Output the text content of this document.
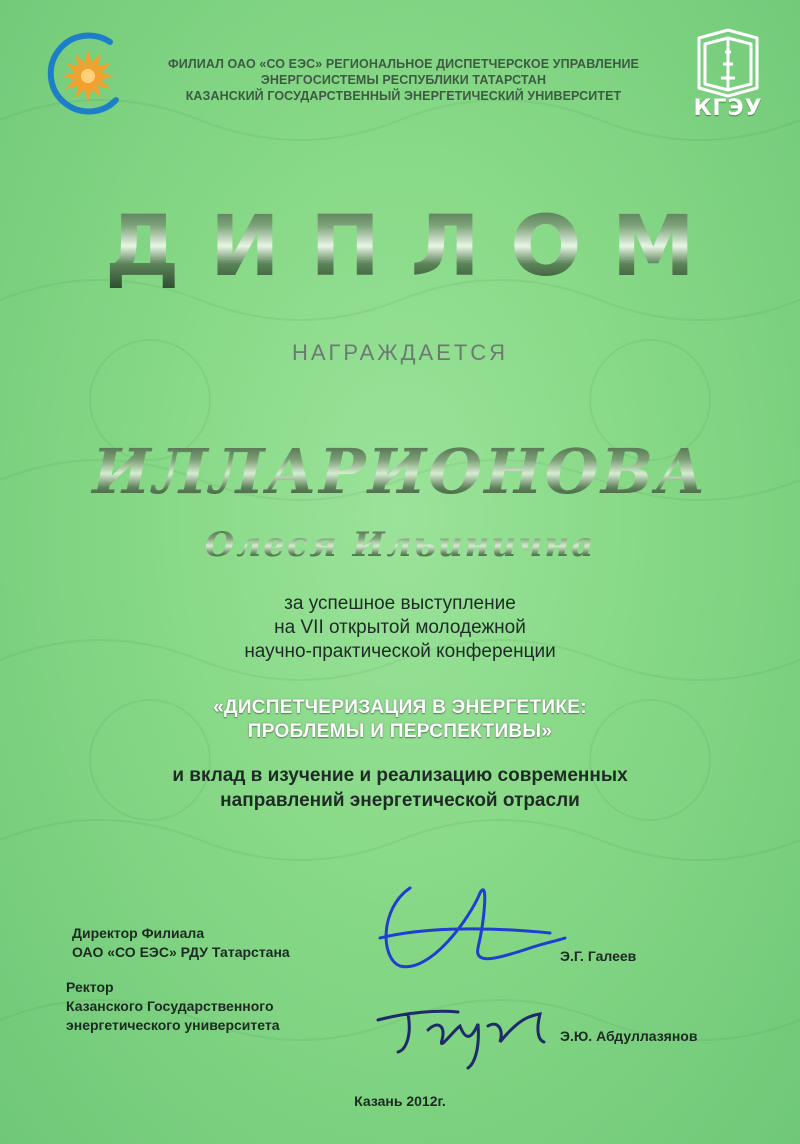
ФИЛИАЛ ОАО «СО ЕЭС» РЕГИОНАЛЬНОЕ ДИСПЕТЧЕРСКОЕ УПРАВЛЕНИЕ
ЭНЕРГОСИСТЕМЫ РЕСПУБЛИКИ ТАТАРСТАН
КАЗАНСКИЙ ГОСУДАРСТВЕННЫЙ ЭНЕРГЕТИЧЕСКИЙ УНИВЕРСИТЕТ	КГЭУ
ДИПЛОМ
НАГРАЖДАЕТСЯ
ИЛЛАРИОНОВА
Олеся Ильинична
за успешное выступление
на VII открытой молодежной
научно-практической конференции
«ДИСПЕТЧЕРИЗАЦИЯ В ЭНЕРГЕТИКЕ:
ПРОБЛЕМЫ И ПЕРСПЕКТИВЫ»
и вклад в изучение и реализацию современных
направлений энергетической отрасли
Директор Филиала
ОАО «СО ЕЭС» РДУ Татарстана	Э.Г. Галеев
Ректор
Казанского Государственного
энергетического университета
Э.Ю. Абдуллазянов
Казань 2012г.
